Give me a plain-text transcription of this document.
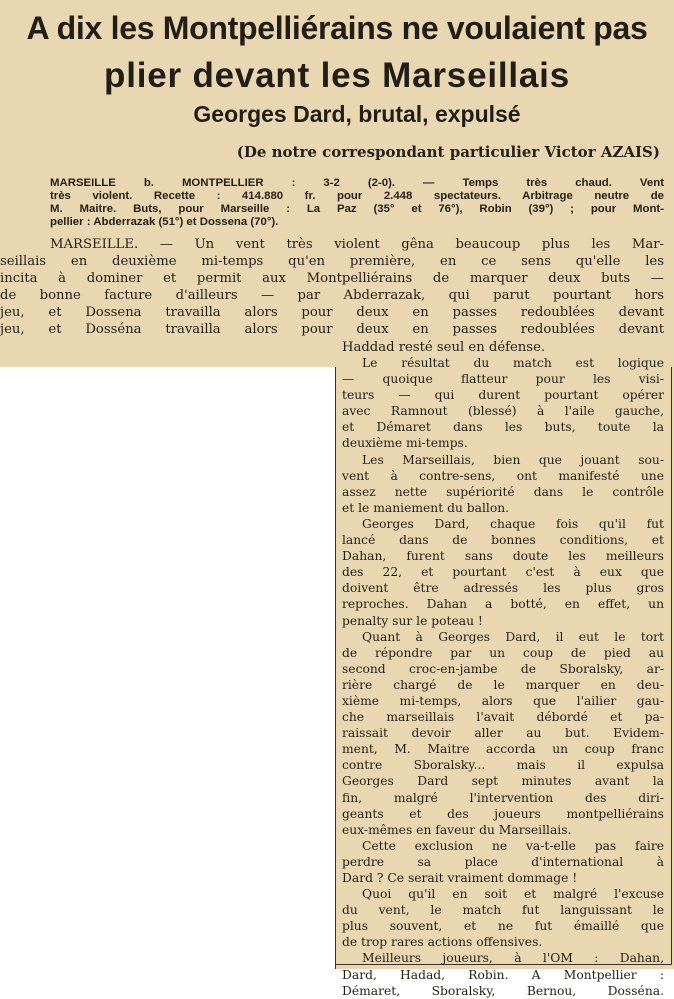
A dix les Montpelliérains ne voulaient pas
plier devant les Marseillais
Georges Dard, brutal, expulsé
(De notre correspondant particulier Victor AZAIS)
MARSEILLE b. MONTPELLIER : 3-2 (2-0). — Temps très chaud. Vent
très violent. Recette : 414.880 fr. pour 2.448 spectateurs. Arbitrage neutre de
M. Maitre. Buts, pour Marseille : La Paz (35° et 76°), Robin (39°) ; pour Mont-
pellier : Abderrazak (51°) et Dossena (70°).
MARSEILLE. — Un vent très violent gêna beaucoup plus les Mar-
seillais en deuxième mi-temps qu'en première, en ce sens qu'elle les
incita à dominer et permit aux Montpelliérains de marquer deux buts —
de bonne facture d'ailleurs — par Abderrazak, qui parut pourtant hors
jeu, et Dossena travailla alors pour deux en passes redoublées devant
jeu, et Dosséna travailla alors pour deux en passes redoublées devant
Haddad resté seul en défense.
Le résultat du match est logique
— quoique flatteur pour les visi-
teurs — qui durent pourtant opérer
avec Ramnout (blessé) à l'aile gauche,
et Démaret dans les buts, toute la
deuxième mi-temps.
Les Marseillais, bien que jouant sou-
vent à contre-sens, ont manifesté une
assez nette supériorité dans le contrôle
et le maniement du ballon.
Georges Dard, chaque fois qu'il fut
lancé dans de bonnes conditions, et
Dahan, furent sans doute les meilleurs
des 22, et pourtant c'est à eux que
doivent être adressés les plus gros
reproches. Dahan a botté, en effet, un
penalty sur le poteau !
Quant à Georges Dard, il eut le tort
de répondre par un coup de pied au
second croc-en-jambe de Sboralsky, ar-
rière chargé de le marquer en deu-
xième mi-temps, alors que l'ailier gau-
che marseillais l'avait débordé et pa-
raissait devoir aller au but. Evidem-
ment, M. Maitre accorda un coup franc
contre Sboralsky... mais il expulsa
Georges Dard sept minutes avant la
fin, malgré l'intervention des diri-
geants et des joueurs montpelliérains
eux-mêmes en faveur du Marseillais.
Cette exclusion ne va-t-elle pas faire
perdre sa place d'international à
Dard ? Ce serait vraiment dommage !
Quoi qu'il en soit et malgré l'excuse
du vent, le match fut languissant le
plus souvent, et ne fut émaillé que
de trop rares actions offensives.
Meilleurs joueurs, à l'OM : Dahan,
Dard, Hadad, Robin. A Montpellier :
Démaret, Sboralsky, Bernou, Dosséna.
